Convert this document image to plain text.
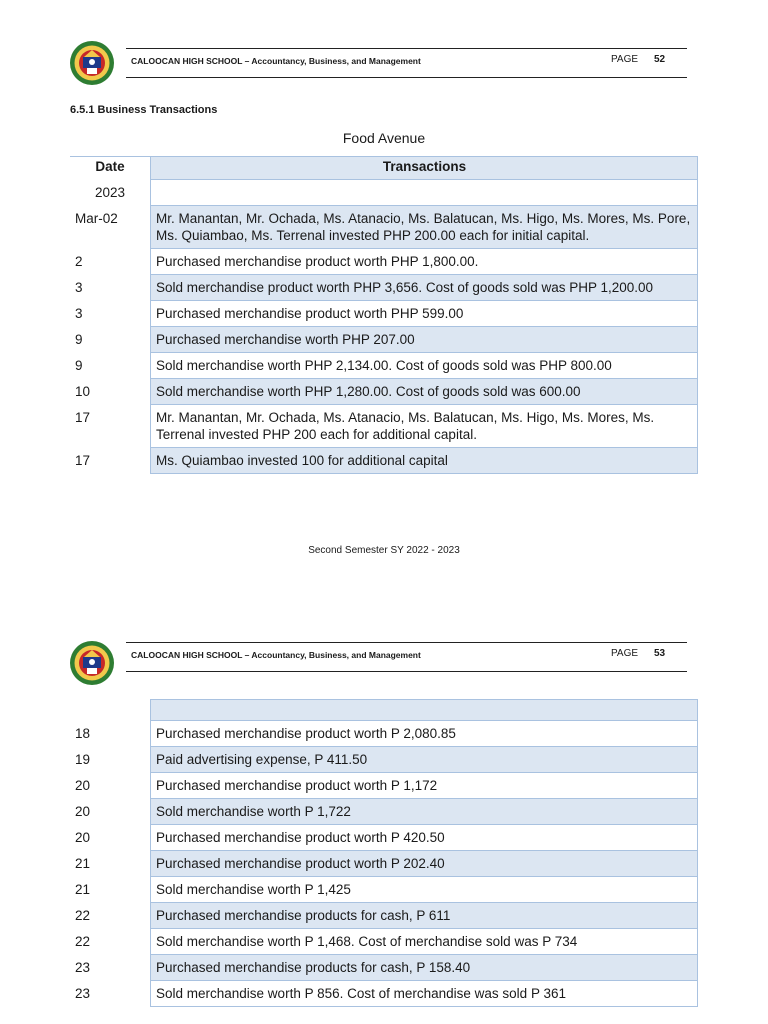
CALOOCAN HIGH SCHOOL – Accountancy, Business, and Management	PAGE 52
6.5.1 Business Transactions
Food Avenue
Date	Transactions
2023	
Mar-02	Mr. Manantan, Mr. Ochada, Ms. Atanacio, Ms. Balatucan, Ms. Higo, Ms. Mores, Ms. Pore, Ms. Quiambao, Ms. Terrenal invested PHP 200.00 each for initial capital.
2	Purchased merchandise product worth PHP 1,800.00.
3	Sold merchandise product worth PHP 3,656. Cost of goods sold was PHP 1,200.00
3	Purchased merchandise product worth PHP 599.00
9	Purchased merchandise worth PHP 207.00
9	Sold merchandise worth PHP 2,134.00. Cost of goods sold was PHP 800.00
10	Sold merchandise worth PHP 1,280.00. Cost of goods sold was 600.00
17	Mr. Manantan, Mr. Ochada, Ms. Atanacio, Ms. Balatucan, Ms. Higo, Ms. Mores, Ms. Terrenal invested PHP 200 each for additional capital.
17	Ms. Quiambao invested 100 for additional capital
Second Semester SY 2022 - 2023
CALOOCAN HIGH SCHOOL – Accountancy, Business, and Management	PAGE 53

18	Purchased merchandise product worth P 2,080.85
19	Paid advertising expense, P 411.50
20	Purchased merchandise product worth P 1,172
20	Sold merchandise worth P 1,722
20	Purchased merchandise product worth P 420.50
21	Purchased merchandise product worth P 202.40
21	Sold merchandise worth P 1,425
22	Purchased merchandise products for cash, P 611
22	Sold merchandise worth P 1,468. Cost of merchandise sold was P 734
23	Purchased merchandise products for cash, P 158.40
23	Sold merchandise worth P 856. Cost of merchandise was sold P 361
